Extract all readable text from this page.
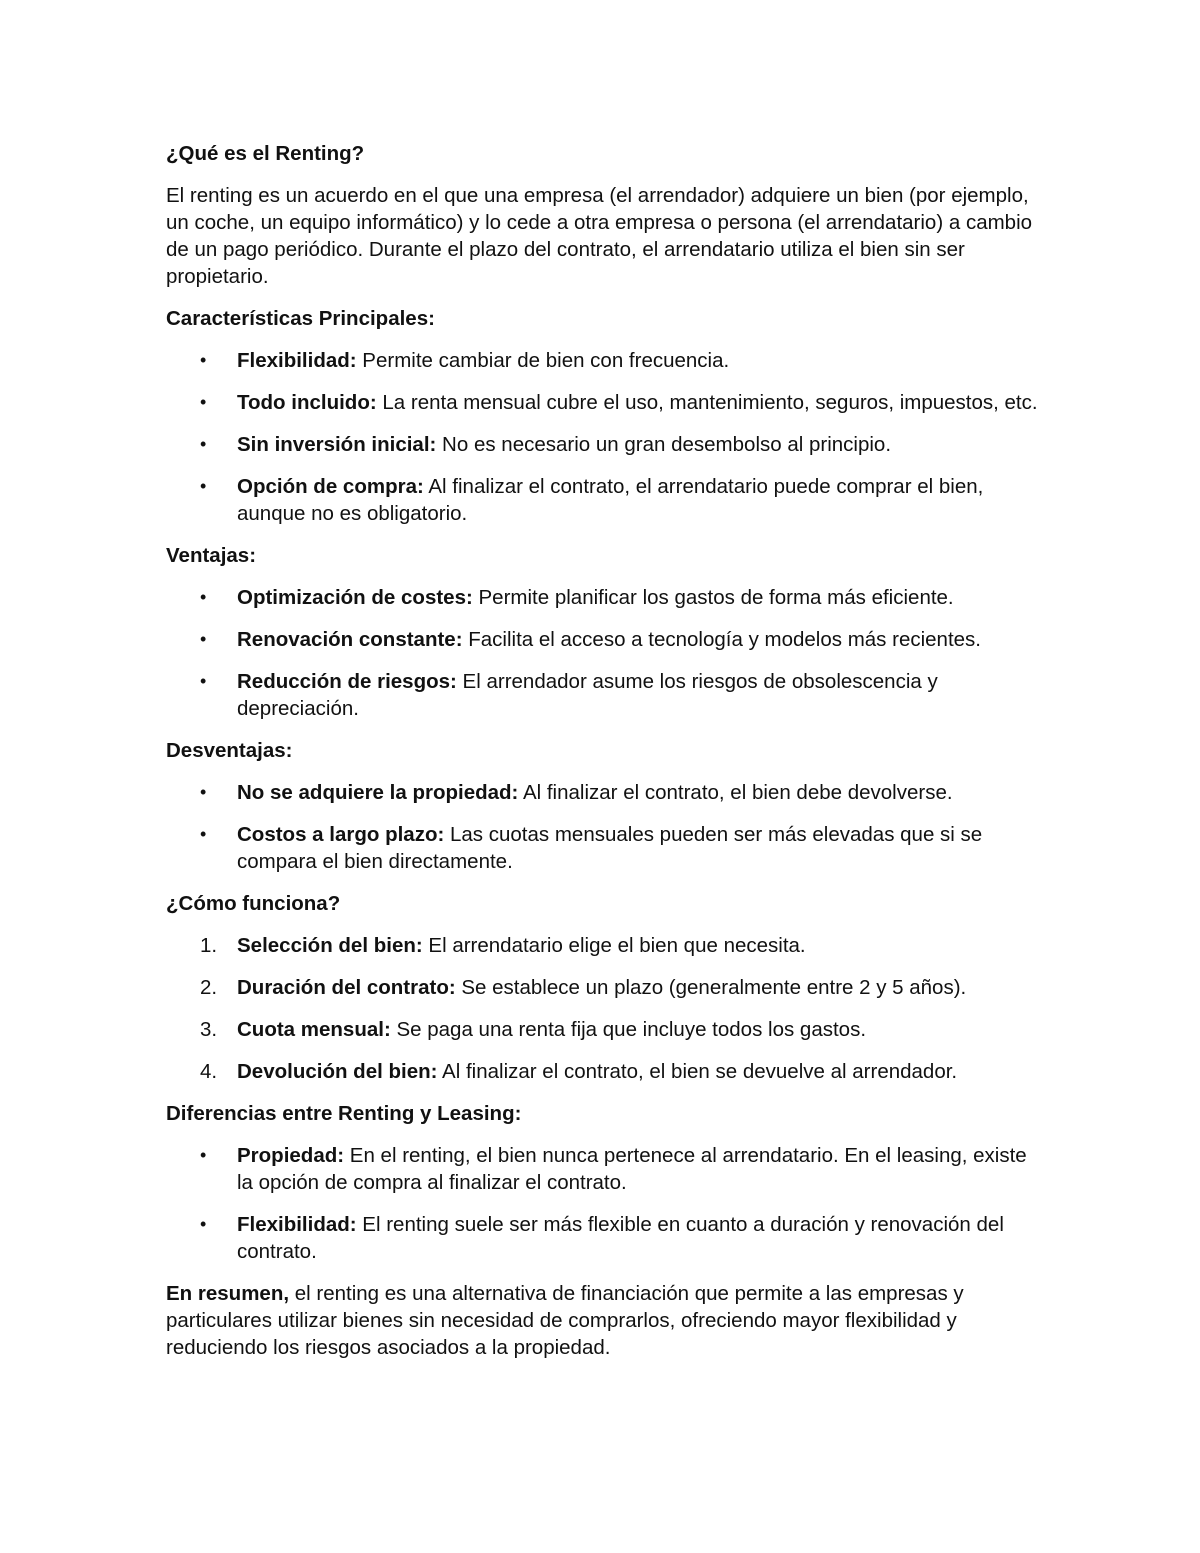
¿Qué es el Renting?

El renting es un acuerdo en el que una empresa (el arrendador) adquiere un bien (por ejemplo, un coche, un equipo informático) y lo cede a otra empresa o persona (el arrendatario) a cambio de un pago periódico. Durante el plazo del contrato, el arrendatario utiliza el bien sin ser propietario.

Características Principales:

• Flexibilidad: Permite cambiar de bien con frecuencia.
• Todo incluido: La renta mensual cubre el uso, mantenimiento, seguros, impuestos, etc.
• Sin inversión inicial: No es necesario un gran desembolso al principio.
• Opción de compra: Al finalizar el contrato, el arrendatario puede comprar el bien, aunque no es obligatorio.

Ventajas:

• Optimización de costes: Permite planificar los gastos de forma más eficiente.
• Renovación constante: Facilita el acceso a tecnología y modelos más recientes.
• Reducción de riesgos: El arrendador asume los riesgos de obsolescencia y depreciación.

Desventajas:

• No se adquiere la propiedad: Al finalizar el contrato, el bien debe devolverse.
• Costos a largo plazo: Las cuotas mensuales pueden ser más elevadas que si se compara el bien directamente.

¿Cómo funciona?

1. Selección del bien: El arrendatario elige el bien que necesita.
2. Duración del contrato: Se establece un plazo (generalmente entre 2 y 5 años).
3. Cuota mensual: Se paga una renta fija que incluye todos los gastos.
4. Devolución del bien: Al finalizar el contrato, el bien se devuelve al arrendador.

Diferencias entre Renting y Leasing:

• Propiedad: En el renting, el bien nunca pertenece al arrendatario. En el leasing, existe la opción de compra al finalizar el contrato.
• Flexibilidad: El renting suele ser más flexible en cuanto a duración y renovación del contrato.

En resumen, el renting es una alternativa de financiación que permite a las empresas y particulares utilizar bienes sin necesidad de comprarlos, ofreciendo mayor flexibilidad y reduciendo los riesgos asociados a la propiedad.
